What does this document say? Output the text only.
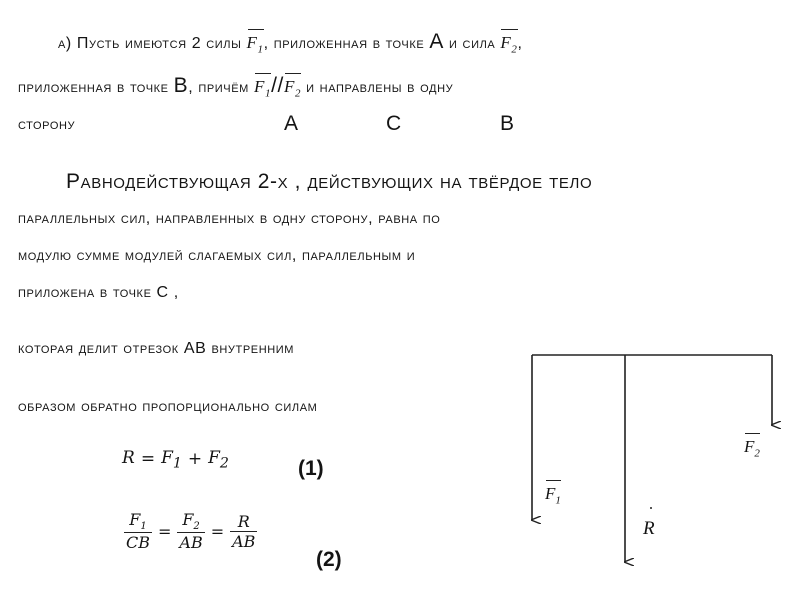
а) Пусть имеются 2 силы $F_1$, приложенная в точке А и сила $F_2$,
приложенная в точке В, причём $F_1//F_2$ и направлены в одну
сторону	А	С	В
Равнодействующая 2-х , действующих на твёрдое тело
параллельных сил, направленных в одну сторону, равна по
модулю сумме модулей слагаемых сил, параллельным и
приложена в точке С ,
которая делит отрезок АВ внутренним
образом обратно пропорционально силам
$R = F_1 + F_2$	(1)
$\frac{F_1}{CB} = \frac{F_2}{AB} = \frac{R}{AB}$
(2)
$F_2$
$F_1$
R
